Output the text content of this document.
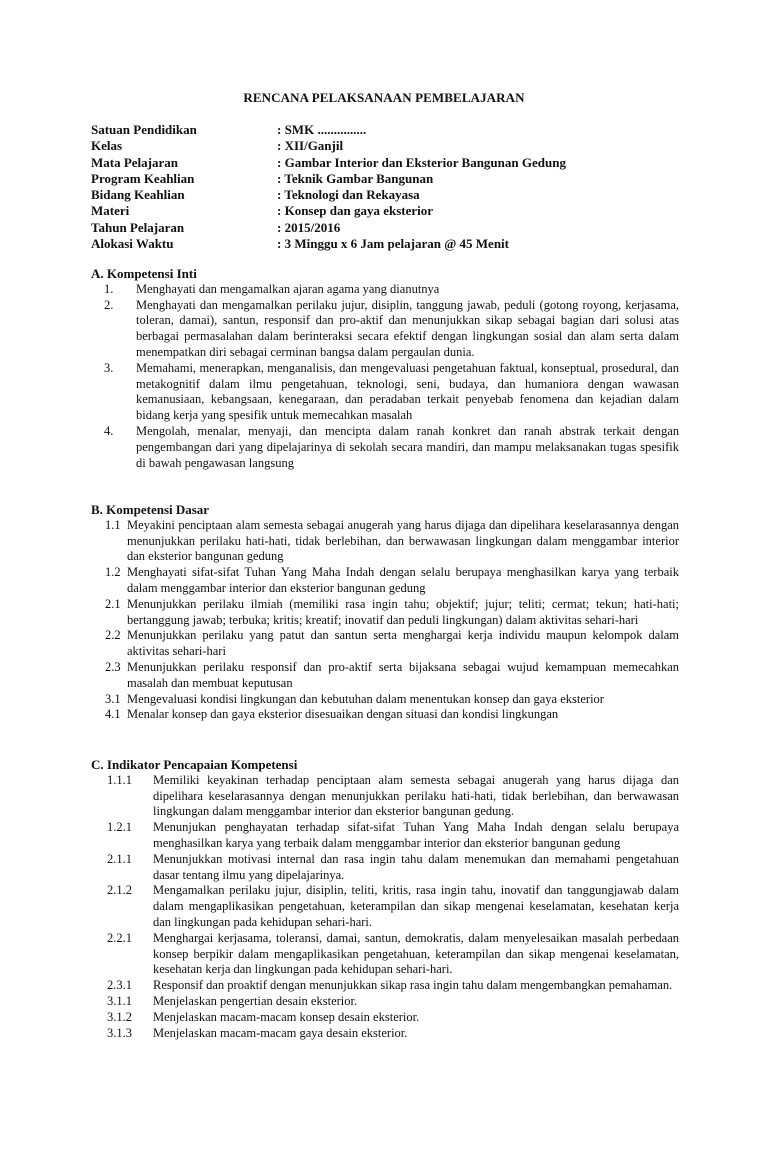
RENCANA PELAKSANAAN PEMBELAJARAN
Satuan Pendidikan	: SMK ...............
Kelas	: XII/Ganjil
Mata Pelajaran	: Gambar Interior dan Eksterior Bangunan Gedung
Program Keahlian	: Teknik Gambar Bangunan
Bidang Keahlian	: Teknologi dan Rekayasa
Materi	: Konsep dan gaya eksterior
Tahun Pelajaran	: 2015/2016
Alokasi Waktu	: 3 Minggu x 6 Jam pelajaran @ 45 Menit
A. Kompetensi Inti
1.	Menghayati dan mengamalkan ajaran agama yang dianutnya
2.	Menghayati dan mengamalkan perilaku jujur, disiplin, tanggung jawab, peduli (gotong royong, kerjasama, toleran, damai), santun, responsif dan pro-aktif dan menunjukkan sikap sebagai bagian dari solusi atas berbagai permasalahan dalam berinteraksi secara efektif dengan lingkungan sosial dan alam serta dalam menempatkan diri sebagai cerminan bangsa dalam pergaulan dunia.
3.	Memahami, menerapkan, menganalisis, dan mengevaluasi pengetahuan faktual, konseptual, prosedural, dan metakognitif dalam ilmu pengetahuan, teknologi, seni, budaya, dan humaniora dengan wawasan kemanusiaan, kebangsaan, kenegaraan, dan peradaban terkait penyebab fenomena dan kejadian dalam bidang kerja yang spesifik untuk memecahkan masalah
4.	Mengolah, menalar, menyaji, dan mencipta dalam ranah konkret dan ranah abstrak terkait dengan pengembangan dari yang dipelajarinya di sekolah secara mandiri, dan mampu melaksanakan tugas spesifik di bawah pengawasan langsung
B. Kompetensi Dasar
1.1 Meyakini penciptaan alam semesta sebagai anugerah yang harus dijaga dan dipelihara keselarasannya dengan menunjukkan perilaku hati-hati, tidak berlebihan, dan berwawasan lingkungan dalam menggambar interior dan eksterior bangunan gedung
1.2 Menghayati sifat-sifat Tuhan Yang Maha Indah dengan selalu berupaya menghasilkan karya yang terbaik dalam menggambar interior dan eksterior bangunan gedung
2.1 Menunjukkan perilaku ilmiah (memiliki rasa ingin tahu; objektif; jujur; teliti; cermat; tekun; hati-hati; bertanggung jawab; terbuka; kritis; kreatif; inovatif dan peduli lingkungan) dalam aktivitas sehari-hari
2.2 Menunjukkan perilaku yang patut dan santun serta menghargai kerja individu maupun kelompok dalam aktivitas sehari-hari
2.3 Menunjukkan perilaku responsif dan pro-aktif serta bijaksana sebagai wujud kemampuan memecahkan masalah dan membuat keputusan
3.1 Mengevaluasi kondisi lingkungan dan kebutuhan dalam menentukan konsep dan gaya eksterior
4.1 Menalar konsep dan gaya eksterior disesuaikan dengan situasi dan kondisi lingkungan
C. Indikator Pencapaian Kompetensi
1.1.1	Memiliki keyakinan terhadap penciptaan alam semesta sebagai anugerah yang harus dijaga dan dipelihara keselarasannya dengan menunjukkan perilaku hati-hati, tidak berlebihan, dan berwawasan lingkungan dalam menggambar interior dan eksterior bangunan gedung.
1.2.1	Menunjukan penghayatan terhadap sifat-sifat Tuhan Yang Maha Indah dengan selalu berupaya menghasilkan karya yang terbaik dalam menggambar interior dan eksterior bangunan gedung
2.1.1	Menunjukkan motivasi internal dan rasa ingin tahu dalam menemukan dan memahami pengetahuan dasar tentang ilmu yang dipelajarinya.
2.1.2	Mengamalkan perilaku jujur, disiplin, teliti, kritis, rasa ingin tahu, inovatif dan tanggungjawab dalam dalam mengaplikasikan pengetahuan, keterampilan dan sikap mengenai keselamatan, kesehatan kerja dan lingkungan pada kehidupan sehari-hari.
2.2.1	Menghargai kerjasama, toleransi, damai, santun, demokratis, dalam menyelesaikan masalah perbedaan konsep berpikir dalam mengaplikasikan pengetahuan, keterampilan dan sikap mengenai keselamatan, kesehatan kerja dan lingkungan pada kehidupan sehari-hari.
2.3.1	Responsif dan proaktif dengan menunjukkan sikap rasa ingin tahu dalam mengembangkan pemahaman.
3.1.1	Menjelaskan pengertian desain eksterior.
3.1.2	Menjelaskan macam-macam konsep desain eksterior.
3.1.3	Menjelaskan macam-macam gaya desain eksterior.
